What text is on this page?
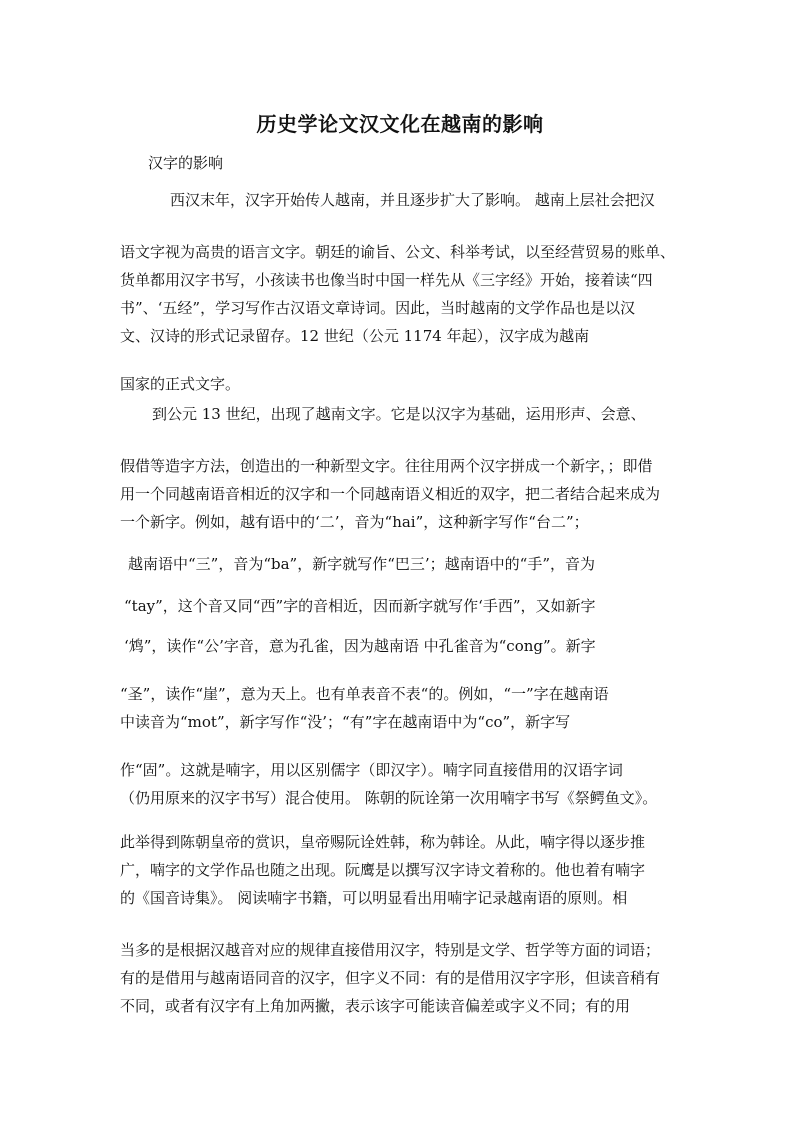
历史学论文汉文化在越南的影响
汉字的影响
西汉末年，汉字开始传人越南，并且逐步扩大了影响。 越南上层社会把汉
语文字视为高贵的语言文字。朝廷的谕旨、公文、科举考试，以至经营贸易的账单、
货单都用汉字书写，小孩读书也像当时中国一样先从《三字经》开始，接着读“四
书”、‘五经”，学习写作古汉语文章诗词。因此，当时越南的文学作品也是以汉
文、汉诗的形式记录留存。12 世纪（公元 1174 年起），汉字成为越南
国家的正式文字。
到公元 13 世纪，出现了越南文字。它是以汉字为基础，运用形声、会意、
假借等造字方法，创造出的一种新型文字。往往用两个汉字拼成一个新字，；即借
用一个同越南语音相近的汉字和一个同越南语义相近的双字，把二者结合起来成为
一个新字。例如，越有语中的‘二’，音为“hai”，这种新字写作“台二”；
越南语中“三”，音为“ba”，新字就写作“巴三’；越南语中的“手”，音为
“tay”，这个音又同“西”字的音相近，因而新字就写作‘手西”，又如新字
‘鸩”，读作“公’字音，意为孔雀，因为越南语 中孔雀音为“cong”。新字
“圣”，读作“崖”，意为天上。也有单表音不表“的。例如，“一”字在越南语
中读音为“mot”，新字写作“没’；“有”字在越南语中为“co”，新字写
作“固”。这就是喃字，用以区别儒字（即汉字）。喃字同直接借用的汉语字词
（仍用原来的汉字书写）混合使用。 陈朝的阮诠第一次用喃字书写《祭鳄鱼文》。
此举得到陈朝皇帝的赏识，皇帝赐阮诠姓韩，称为韩诠。从此，喃字得以逐步推
广，喃字的文学作品也随之出现。阮鹰是以撰写汉字诗文着称的。他也着有喃字
的《国音诗集》。 阅读喃字书籍，可以明显看出用喃字记录越南语的原则。相
当多的是根据汉越音对应的规律直接借用汉字，特别是文学、哲学等方面的词语；
有的是借用与越南语同音的汉字，但字义不同：有的是借用汉字字形，但读音稍有
不同，或者有汉字有上角加两撇，表示该字可能读音偏差或字义不同；有的用
